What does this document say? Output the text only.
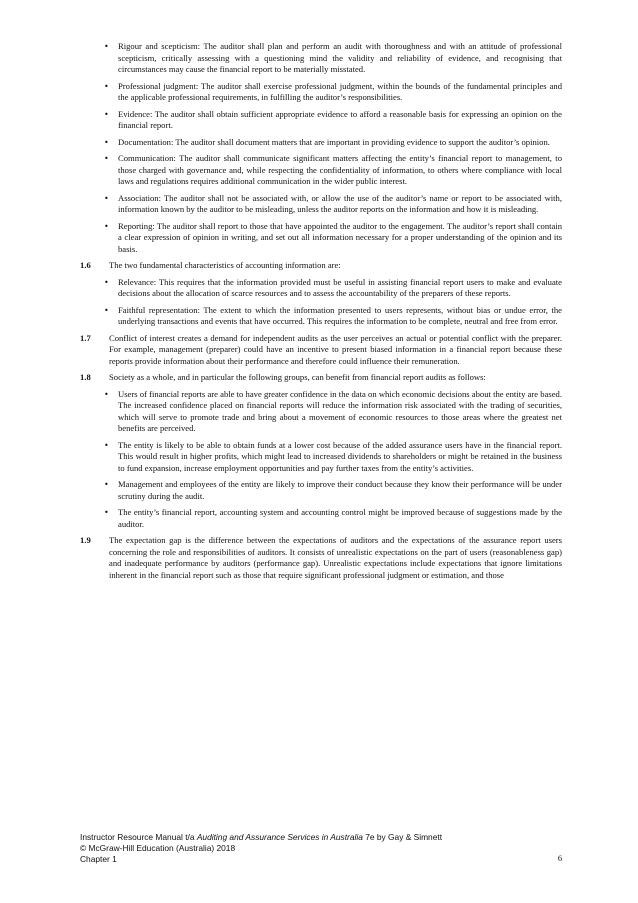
• Rigour and scepticism: The auditor shall plan and perform an audit with thoroughness and with an attitude of professional scepticism, critically assessing with a questioning mind the validity and reliability of evidence, and recognising that circumstances may cause the financial report to be materially misstated.
• Professional judgment: The auditor shall exercise professional judgment, within the bounds of the fundamental principles and the applicable professional requirements, in fulfilling the auditor’s responsibilities.
• Evidence: The auditor shall obtain sufficient appropriate evidence to afford a reasonable basis for expressing an opinion on the financial report.
• Documentation: The auditor shall document matters that are important in providing evidence to support the auditor’s opinion.
• Communication: The auditor shall communicate significant matters affecting the entity’s financial report to management, to those charged with governance and, while respecting the confidentiality of information, to others where compliance with local laws and regulations requires additional communication in the wider public interest.
• Association: The auditor shall not be associated with, or allow the use of the auditor’s name or report to be associated with, information known by the auditor to be misleading, unless the auditor reports on the information and how it is misleading.
• Reporting: The auditor shall report to those that have appointed the auditor to the engagement. The auditor’s report shall contain a clear expression of opinion in writing, and set out all information necessary for a proper understanding of the opinion and its basis.
1.6 The two fundamental characteristics of accounting information are:
• Relevance: This requires that the information provided must be useful in assisting financial report users to make and evaluate decisions about the allocation of scarce resources and to assess the accountability of the preparers of these reports.
• Faithful representation: The extent to which the information presented to users represents, without bias or undue error, the underlying transactions and events that have occurred. This requires the information to be complete, neutral and free from error.
1.7 Conflict of interest creates a demand for independent audits as the user perceives an actual or potential conflict with the preparer. For example, management (preparer) could have an incentive to present biased information in a financial report because these reports provide information about their performance and therefore could influence their remuneration.
1.8 Society as a whole, and in particular the following groups, can benefit from financial report audits as follows:
• Users of financial reports are able to have greater confidence in the data on which economic decisions about the entity are based. The increased confidence placed on financial reports will reduce the information risk associated with the trading of securities, which will serve to promote trade and bring about a movement of economic resources to those areas where the greatest net benefits are perceived.
• The entity is likely to be able to obtain funds at a lower cost because of the added assurance users have in the financial report. This would result in higher profits, which might lead to increased dividends to shareholders or might be retained in the business to fund expansion, increase employment opportunities and pay further taxes from the entity’s activities.
• Management and employees of the entity are likely to improve their conduct because they know their performance will be under scrutiny during the audit.
• The entity’s financial report, accounting system and accounting control might be improved because of suggestions made by the auditor.
1.9 The expectation gap is the difference between the expectations of auditors and the expectations of the assurance report users concerning the role and responsibilities of auditors. It consists of unrealistic expectations on the part of users (reasonableness gap) and inadequate performance by auditors (performance gap). Unrealistic expectations include expectations that ignore limitations inherent in the financial report such as those that require significant professional judgment or estimation, and those
Instructor Resource Manual t/a Auditing and Assurance Services in Australia 7e by Gay & Simnett
© McGraw-Hill Education (Australia) 2018
Chapter 1	6
